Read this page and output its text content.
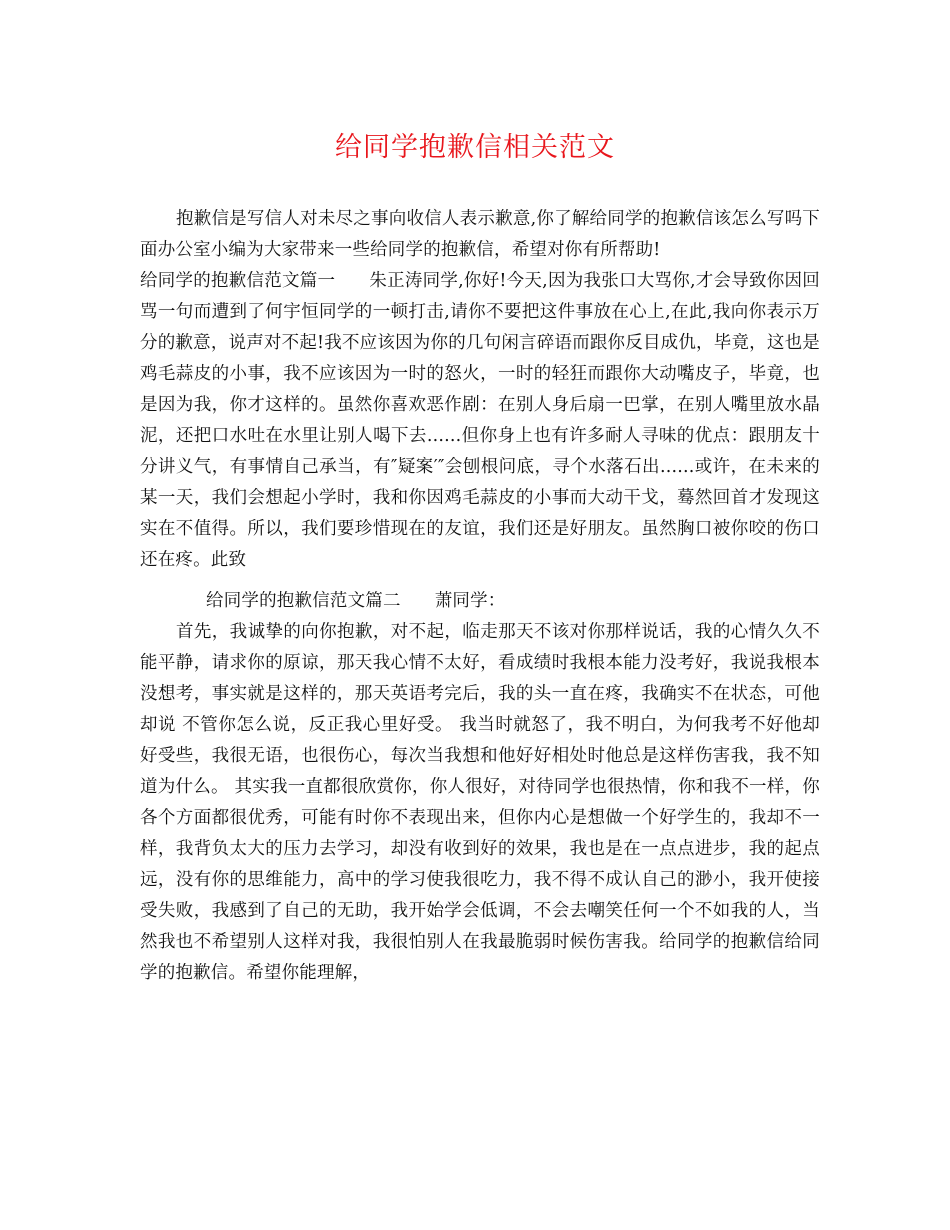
给同学抱歉信相关范文

抱歉信是写信人对未尽之事向收信人表示歉意,你了解给同学的抱歉信该怎么写吗下面办公室小编为大家带来一些给同学的抱歉信，希望对你有所帮助!

给同学的抱歉信范文篇一 朱正涛同学,你好!今天,因为我张口大骂你,才会导致你因回骂一句而遭到了何宇恒同学的一顿打击,请你不要把这件事放在心上,在此,我向你表示万分的歉意，说声对不起!我不应该因为你的几句闲言碎语而跟你反目成仇，毕竟，这也是鸡毛蒜皮的小事，我不应该因为一时的怒火，一时的轻狂而跟你大动嘴皮子，毕竟，也是因为我，你才这样的。虽然你喜欢恶作剧：在别人身后扇一巴掌，在别人嘴里放水晶泥，还把口水吐在水里让别人喝下去......但你身上也有许多耐人寻味的优点：跟朋友十分讲义气，有事情自己承当，有″疑案′″会刨根问底，寻个水落石出......或许，在未来的某一天，我们会想起小学时，我和你因鸡毛蒜皮的小事而大动干戈，蓦然回首才发现这实在不值得。所以，我们要珍惜现在的友谊，我们还是好朋友。虽然胸口被你咬的伤口还在疼。此致

给同学的抱歉信范文篇二 萧同学：

首先，我诚挚的向你抱歉，对不起，临走那天不该对你那样说话，我的心情久久不能平静，请求你的原谅，那天我心情不太好，看成绩时我根本能力没考好，我说我根本没想考，事实就是这样的，那天英语考完后，我的头一直在疼，我确实不在状态，可他却说 不管你怎么说，反正我心里好受。 我当时就怒了，我不明白，为何我考不好他却好受些，我很无语，也很伤心，每次当我想和他好好相处时他总是这样伤害我，我不知道为什么。 其实我一直都很欣赏你，你人很好，对待同学也很热情，你和我不一样，你各个方面都很优秀，可能有时你不表现出来，但你内心是想做一个好学生的，我却不一样，我背负太大的压力去学习，却没有收到好的效果，我也是在一点点进步，我的起点远，没有你的思维能力，高中的学习使我很吃力，我不得不成认自己的渺小，我开使接受失败，我感到了自己的无助，我开始学会低调，不会去嘲笑任何一个不如我的人，当然我也不希望别人这样对我，我很怕别人在我最脆弱时候伤害我。给同学的抱歉信给同学的抱歉信。希望你能理解，
